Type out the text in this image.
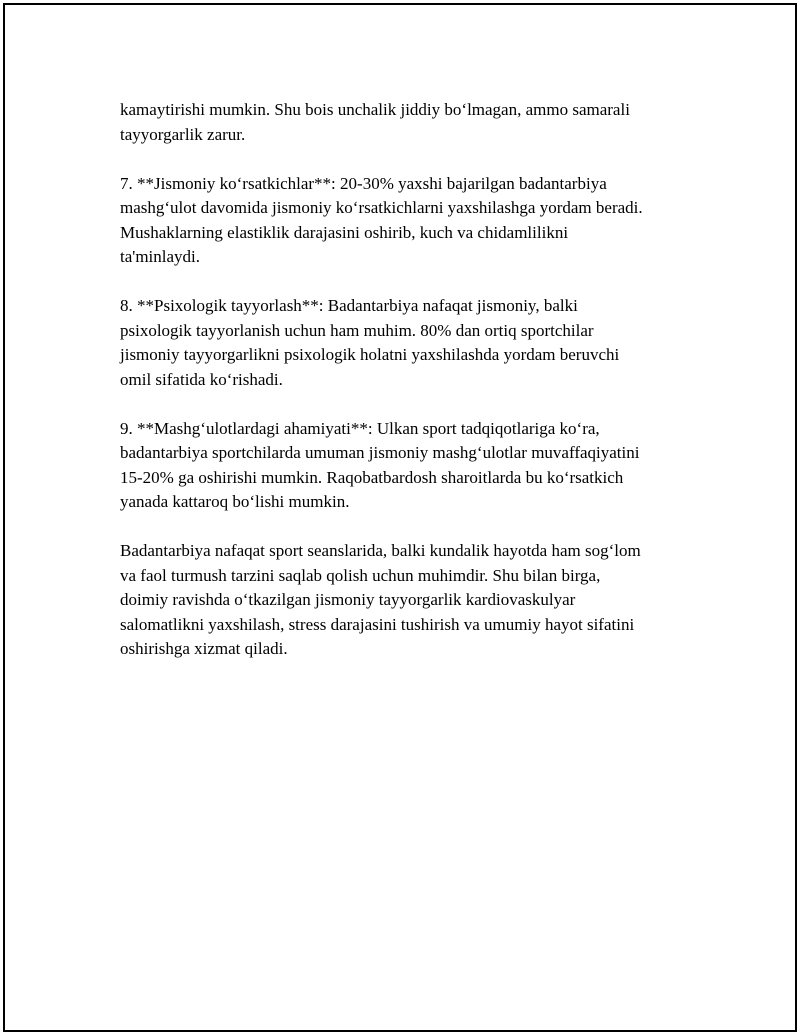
kamaytirishi mumkin. Shu bois unchalik jiddiy bo‘lmagan, ammo samarali
tayyorgarlik zarur.

7. **Jismoniy ko‘rsatkichlar**: 20-30% yaxshi bajarilgan badantarbiya
mashg‘ulot davomida jismoniy ko‘rsatkichlarni yaxshilashga yordam beradi.
Mushaklarning elastiklik darajasini oshirib, kuch va chidamlilikni
ta'minlaydi.

8. **Psixologik tayyorlash**: Badantarbiya nafaqat jismoniy, balki
psixologik tayyorlanish uchun ham muhim. 80% dan ortiq sportchilar
jismoniy tayyorgarlikni psixologik holatni yaxshilashda yordam beruvchi
omil sifatida ko‘rishadi.

9. **Mashg‘ulotlardagi ahamiyati**: Ulkan sport tadqiqotlariga ko‘ra,
badantarbiya sportchilarda umuman jismoniy mashg‘ulotlar muvaffaqiyatini
15-20% ga oshirishi mumkin. Raqobatbardosh sharoitlarda bu ko‘rsatkich
yanada kattaroq bo‘lishi mumkin.

Badantarbiya nafaqat sport seanslarida, balki kundalik hayotda ham sog‘lom
va faol turmush tarzini saqlab qolish uchun muhimdir. Shu bilan birga,
doimiy ravishda o‘tkazilgan jismoniy tayyorgarlik kardiovaskulyar
salomatlikni yaxshilash, stress darajasini tushirish va umumiy hayot sifatini
oshirishga xizmat qiladi.
